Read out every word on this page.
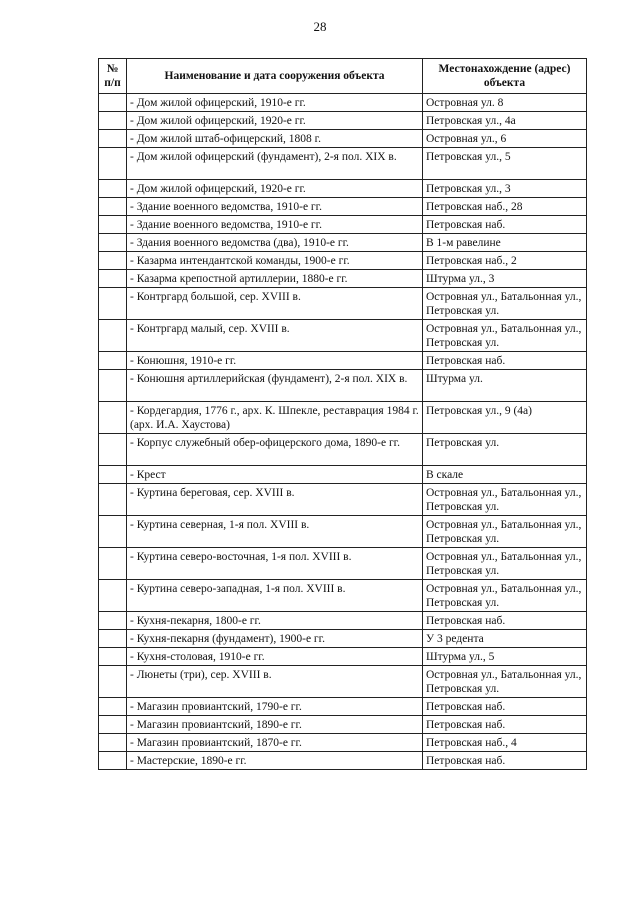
28
№ п/п	Наименование и дата сооружения объекта	Местонахождение (адрес) объекта
	- Дом жилой офицерский, 1910-е гг.	Островная ул. 8
	- Дом жилой офицерский, 1920-е гг.	Петровская ул., 4а
	- Дом жилой штаб-офицерский, 1808 г.	Островная ул., 6
	- Дом жилой офицерский (фундамент), 2-я пол. XIX в.	Петровская ул., 5
	- Дом жилой офицерский, 1920-е гг.	Петровская ул., 3
	- Здание военного ведомства, 1910-е гг.	Петровская наб., 28
	- Здание военного ведомства, 1910-е гг.	Петровская наб.
	- Здания военного ведомства (два), 1910-е гг.	В 1-м равелине
	- Казарма интендантской команды, 1900-е гг.	Петровская наб., 2
	- Казарма крепостной артиллерии, 1880-е гг.	Штурма ул., 3
	- Контргард большой, сер. XVIII в.	Островная ул., Батальонная ул., Петровская ул.
	- Контргард малый, сер. XVIII в.	Островная ул., Батальонная ул., Петровская ул.
	- Конюшня, 1910-е гг.	Петровская наб.
	- Конюшня артиллерийская (фундамент), 2-я пол. XIX в.	Штурма ул.
	- Кордегардия, 1776 г., арх. К. Шпекле, реставрация 1984 г. (арх. И.А. Хаустова)	Петровская ул., 9 (4а)
	- Корпус служебный обер-офицерского дома, 1890-е гг.	Петровская ул.
	- Крест	В скале
	- Куртина береговая, сер. XVIII в.	Островная ул., Батальонная ул., Петровская ул.
	- Куртина северная, 1-я пол. XVIII в.	Островная ул., Батальонная ул., Петровская ул.
	- Куртина северо-восточная, 1-я пол. XVIII в.	Островная ул., Батальонная ул., Петровская ул.
	- Куртина северо-западная, 1-я пол. XVIII в.	Островная ул., Батальонная ул., Петровская ул.
	- Кухня-пекарня, 1800-е гг.	Петровская наб.
	- Кухня-пекарня (фундамент), 1900-е гг.	У 3 редента
	- Кухня-столовая, 1910-е гг.	Штурма ул., 5
	- Люнеты (три), сер. XVIII в.	Островная ул., Батальонная ул., Петровская ул.
	- Магазин провиантский, 1790-е гг.	Петровская наб.
	- Магазин провиантский, 1890-е гг.	Петровская наб.
	- Магазин провиантский, 1870-е гг.	Петровская наб., 4
	- Мастерские, 1890-е гг.	Петровская наб.
